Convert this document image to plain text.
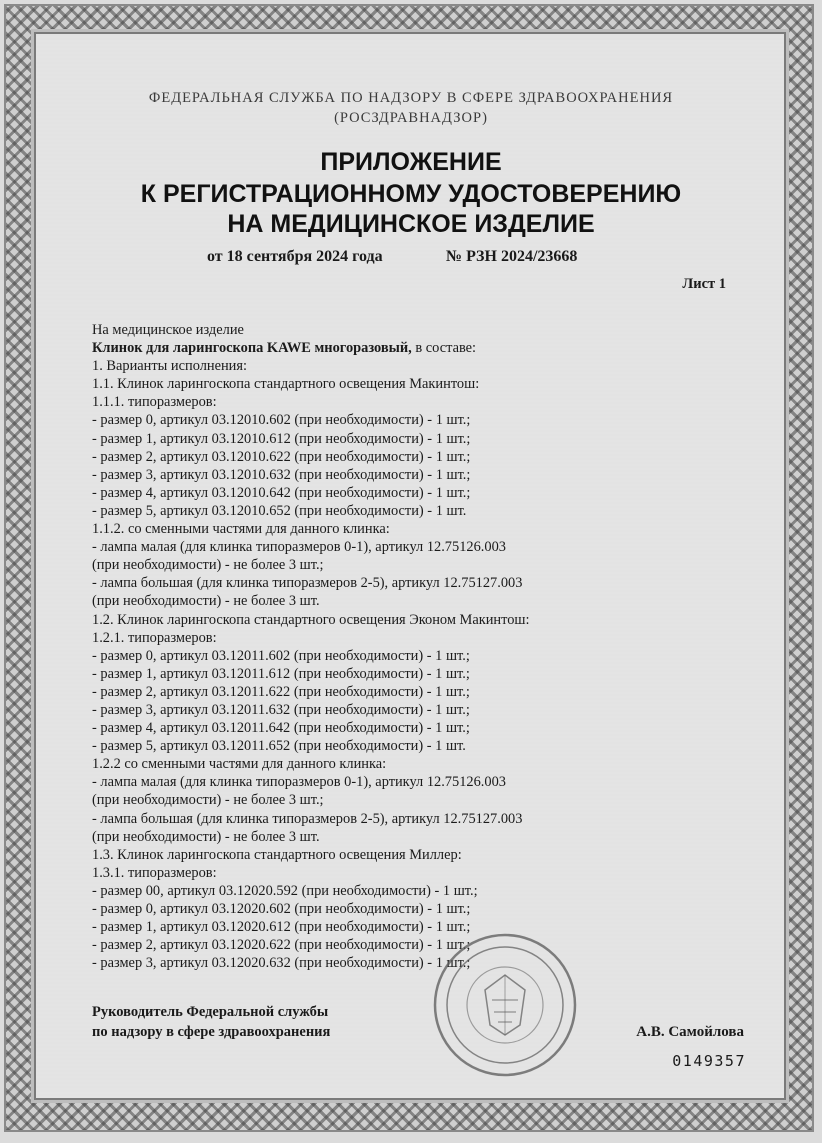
ФЕДЕРАЛЬНАЯ СЛУЖБА ПО НАДЗОРУ В СФЕРЕ ЗДРАВООХРАНЕНИЯ
(РОСЗДРАВНАДЗОР)
ПРИЛОЖЕНИЕ
К РЕГИСТРАЦИОННОМУ УДОСТОВЕРЕНИЮ
НА МЕДИЦИНСКОЕ ИЗДЕЛИЕ
от 18 сентября 2024 года	№ РЗН 2024/23668
Лист 1
На медицинское изделие
Клинок для ларингоскопа KAWE многоразовый, в составе:
1. Варианты исполнения:
1.1. Клинок ларингоскопа стандартного освещения Макинтош:
1.1.1. типоразмеров:
- размер 0, артикул 03.12010.602 (при необходимости) - 1 шт.;
- размер 1, артикул 03.12010.612 (при необходимости) - 1 шт.;
- размер 2, артикул 03.12010.622 (при необходимости) - 1 шт.;
- размер 3, артикул 03.12010.632 (при необходимости) - 1 шт.;
- размер 4, артикул 03.12010.642 (при необходимости) - 1 шт.;
- размер 5, артикул 03.12010.652 (при необходимости) - 1 шт.
1.1.2. со сменными частями для данного клинка:
- лампа малая (для клинка типоразмеров 0-1), артикул 12.75126.003
(при необходимости) - не более 3 шт.;
- лампа большая (для клинка типоразмеров 2-5), артикул 12.75127.003
(при необходимости) - не более 3 шт.
1.2. Клинок ларингоскопа стандартного освещения Эконом Макинтош:
1.2.1. типоразмеров:
- размер 0, артикул 03.12011.602 (при необходимости) - 1 шт.;
- размер 1, артикул 03.12011.612 (при необходимости) - 1 шт.;
- размер 2, артикул 03.12011.622 (при необходимости) - 1 шт.;
- размер 3, артикул 03.12011.632 (при необходимости) - 1 шт.;
- размер 4, артикул 03.12011.642 (при необходимости) - 1 шт.;
- размер 5, артикул 03.12011.652 (при необходимости) - 1 шт.
1.2.2 со сменными частями для данного клинка:
- лампа малая (для клинка типоразмеров 0-1), артикул 12.75126.003
(при необходимости) - не более 3 шт.;
- лампа большая (для клинка типоразмеров 2-5), артикул 12.75127.003
(при необходимости) - не более 3 шт.
1.3. Клинок ларингоскопа стандартного освещения Миллер:
1.3.1. типоразмеров:
- размер 00, артикул 03.12020.592 (при необходимости) - 1 шт.;
- размер 0, артикул 03.12020.602 (при необходимости) - 1 шт.;
- размер 1, артикул 03.12020.612 (при необходимости) - 1 шт.;
- размер 2, артикул 03.12020.622 (при необходимости) - 1 шт.;
- размер 3, артикул 03.12020.632 (при необходимости) - 1 шт.;
Руководитель Федеральной службы
по надзору в сфере здравоохранения	А.В. Самойлова
0149357
